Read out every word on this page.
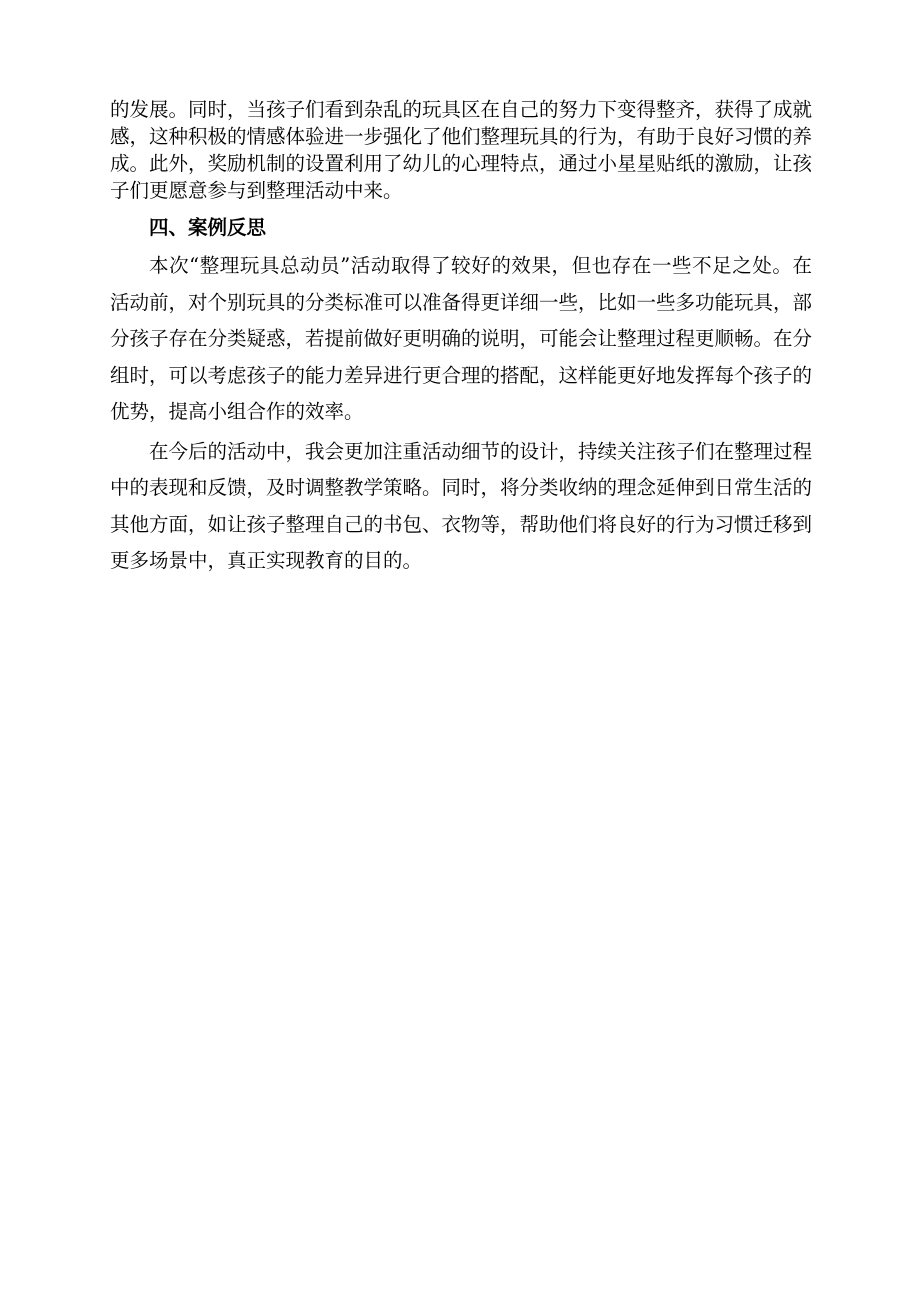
的发展。同时，当孩子们看到杂乱的玩具区在自己的努力下变得整齐，获得了成就感，这种积极的情感体验进一步强化了他们整理玩具的行为，有助于良好习惯的养成。此外，奖励机制的设置利用了幼儿的心理特点，通过小星星贴纸的激励，让孩子们更愿意参与到整理活动中来。

四、案例反思

本次“整理玩具总动员”活动取得了较好的效果，但也存在一些不足之处。在活动前，对个别玩具的分类标准可以准备得更详细一些，比如一些多功能玩具，部分孩子存在分类疑惑，若提前做好更明确的说明，可能会让整理过程更顺畅。在分组时，可以考虑孩子的能力差异进行更合理的搭配，这样能更好地发挥每个孩子的优势，提高小组合作的效率。

在今后的活动中，我会更加注重活动细节的设计，持续关注孩子们在整理过程中的表现和反馈，及时调整教学策略。同时，将分类收纳的理念延伸到日常生活的其他方面，如让孩子整理自己的书包、衣物等，帮助他们将良好的行为习惯迁移到更多场景中，真正实现教育的目的。
